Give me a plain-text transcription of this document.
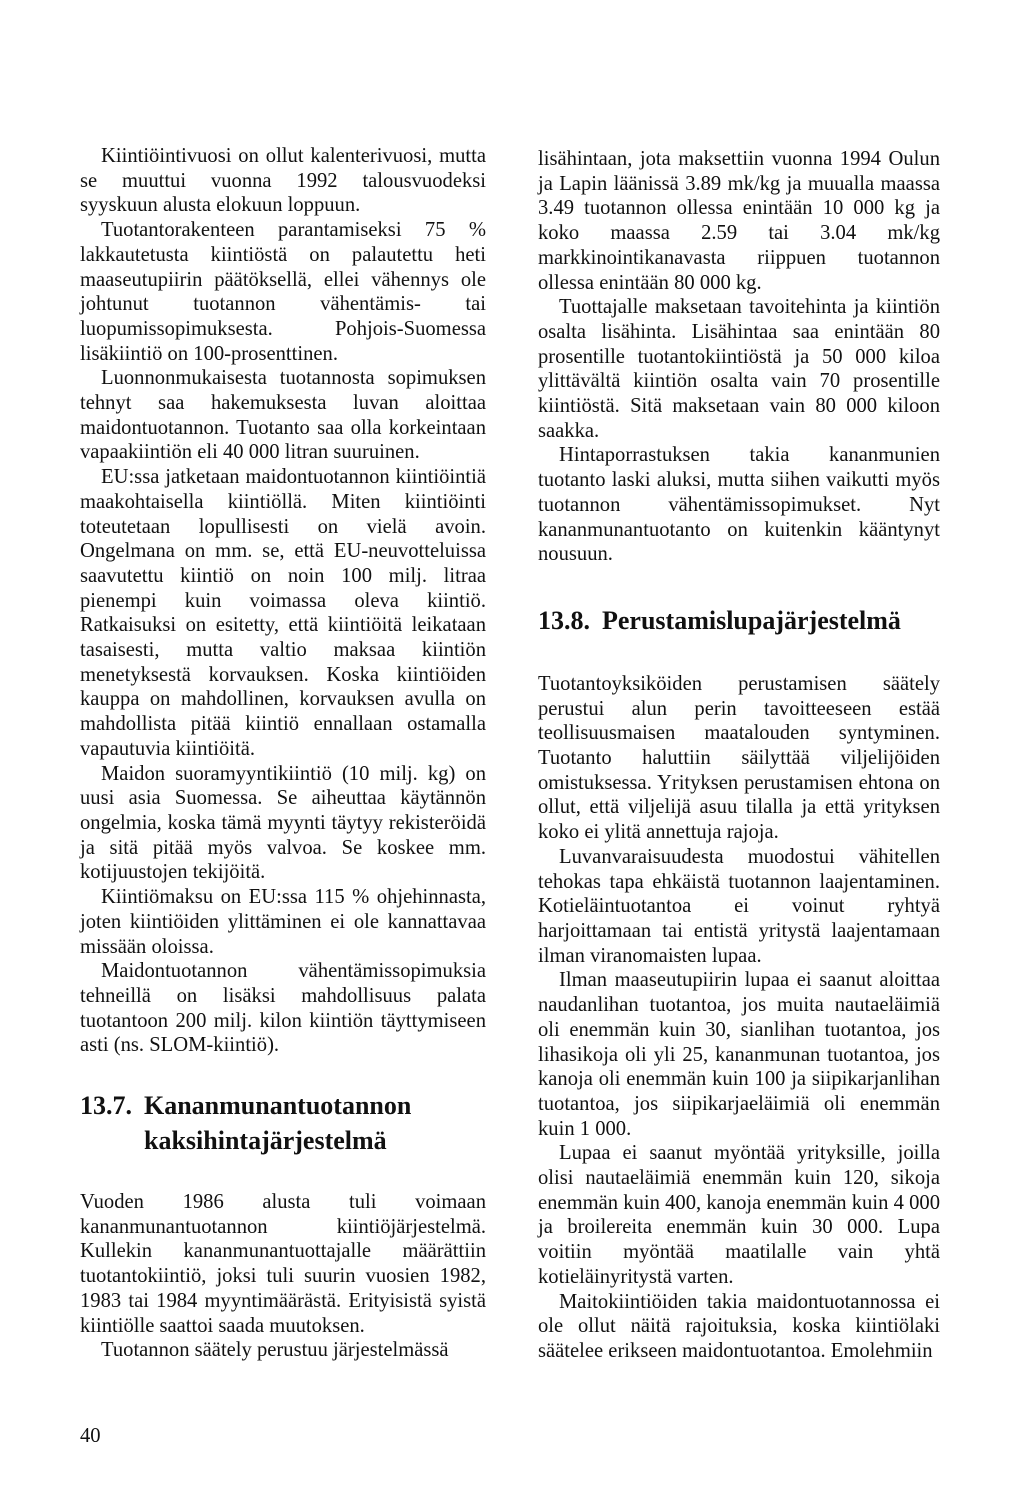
Kiintiöintivuosi on ollut kalenterivuosi, mutta se muuttui vuonna 1992 talousvuodeksi syyskuun alusta elokuun loppuun.

Tuotantorakenteen parantamiseksi 75 % lakkautetusta kiintiöstä on palautettu heti maaseutupiirin päätöksellä, ellei vähennys ole johtunut tuotannon vähentämis- tai luopumissopimuksesta. Pohjois-Suomessa lisäkiintiö on 100-prosenttinen.

Luonnonmukaisesta tuotannosta sopimuksen tehnyt saa hakemuksesta luvan aloittaa maidontuotannon. Tuotanto saa olla korkeintaan vapaakiintiön eli 40 000 litran suuruinen.

EU:ssa jatketaan maidontuotannon kiintiöintiä maakohtaisella kiintiöllä. Miten kiintiöinti toteutetaan lopullisesti on vielä avoin. Ongelmana on mm. se, että EU-neuvotteluissa saavutettu kiintiö on noin 100 milj. litraa pienempi kuin voimassa oleva kiintiö. Ratkaisuksi on esitetty, että kiintiöitä leikataan tasaisesti, mutta valtio maksaa kiintiön menetyksestä korvauksen. Koska kiintiöiden kauppa on mahdollinen, korvauksen avulla on mahdollista pitää kiintiö ennallaan ostamalla vapautuvia kiintiöitä.

Maidon suoramyyntikiintiö (10 milj. kg) on uusi asia Suomessa. Se aiheuttaa käytännön ongelmia, koska tämä myynti täytyy rekisteröidä ja sitä pitää myös valvoa. Se koskee mm. kotijuustojen tekijöitä.

Kiintiömaksu on EU:ssa 115 % ohjehinnasta, joten kiintiöiden ylittäminen ei ole kannattavaa missään oloissa.

Maidontuotannon vähentämissopimuksia tehneillä on lisäksi mahdollisuus palata tuotantoon 200 milj. kilon kiintiön täyttymiseen asti (ns. SLOM-kiintiö).

13.7. Kananmunantuotannon
kaksihintajärjestelmä

Vuoden 1986 alusta tuli voimaan kananmunantuotannon kiintiöjärjestelmä. Kullekin kananmunantuottajalle määrättiin tuotantokiintiö, joksi tuli suurin vuosien 1982, 1983 tai 1984 myyntimäärästä. Erityisistä syistä kiintiölle saattoi saada muutoksen.

Tuotannon säätely perustuu järjestelmässä

lisähintaan, jota maksettiin vuonna 1994 Oulun ja Lapin läänissä 3.89 mk/kg ja muualla maassa 3.49 tuotannon ollessa enintään 10 000 kg ja koko maassa 2.59 tai 3.04 mk/kg markkinointikanavasta riippuen tuotannon ollessa enintään 80 000 kg.

Tuottajalle maksetaan tavoitehinta ja kiintiön osalta lisähinta. Lisähintaa saa enintään 80 prosentille tuotantokiintiöstä ja 50 000 kiloa ylittävältä kiintiön osalta vain 70 prosentille kiintiöstä. Sitä maksetaan vain 80 000 kiloon saakka.

Hintaporrastuksen takia kananmunien tuotanto laski aluksi, mutta siihen vaikutti myös tuotannon vähentämissopimukset. Nyt kananmunantuotanto on kuitenkin kääntynyt nousuun.

13.8. Perustamislupajärjestelmä

Tuotantoyksiköiden perustamisen säätely perustui alun perin tavoitteeseen estää teollisuusmaisen maatalouden syntyminen. Tuotanto haluttiin säilyttää viljelijöiden omistuksessa. Yrityksen perustamisen ehtona on ollut, että viljelijä asuu tilalla ja että yrityksen koko ei ylitä annettuja rajoja.

Luvanvaraisuudesta muodostui vähitellen tehokas tapa ehkäistä tuotannon laajentaminen. Kotieläintuotantoa ei voinut ryhtyä harjoittamaan tai entistä yritystä laajentamaan ilman viranomaisten lupaa.

Ilman maaseutupiirin lupaa ei saanut aloittaa naudanlihan tuotantoa, jos muita nautaeläimiä oli enemmän kuin 30, sianlihan tuotantoa, jos lihasikoja oli yli 25, kananmunan tuotantoa, jos kanoja oli enemmän kuin 100 ja siipikarjanlihan tuotantoa, jos siipikarjaeläimiä oli enemmän kuin 1 000.

Lupaa ei saanut myöntää yrityksille, joilla olisi nautaeläimiä enemmän kuin 120, sikoja enemmän kuin 400, kanoja enemmän kuin 4 000 ja broilereita enemmän kuin 30 000. Lupa voitiin myöntää maatilalle vain yhtä kotieläinyritystä varten.

Maitokiintiöiden takia maidontuotannossa ei ole ollut näitä rajoituksia, koska kiintiölaki säätelee erikseen maidontuotantoa. Emolehmiin

40
